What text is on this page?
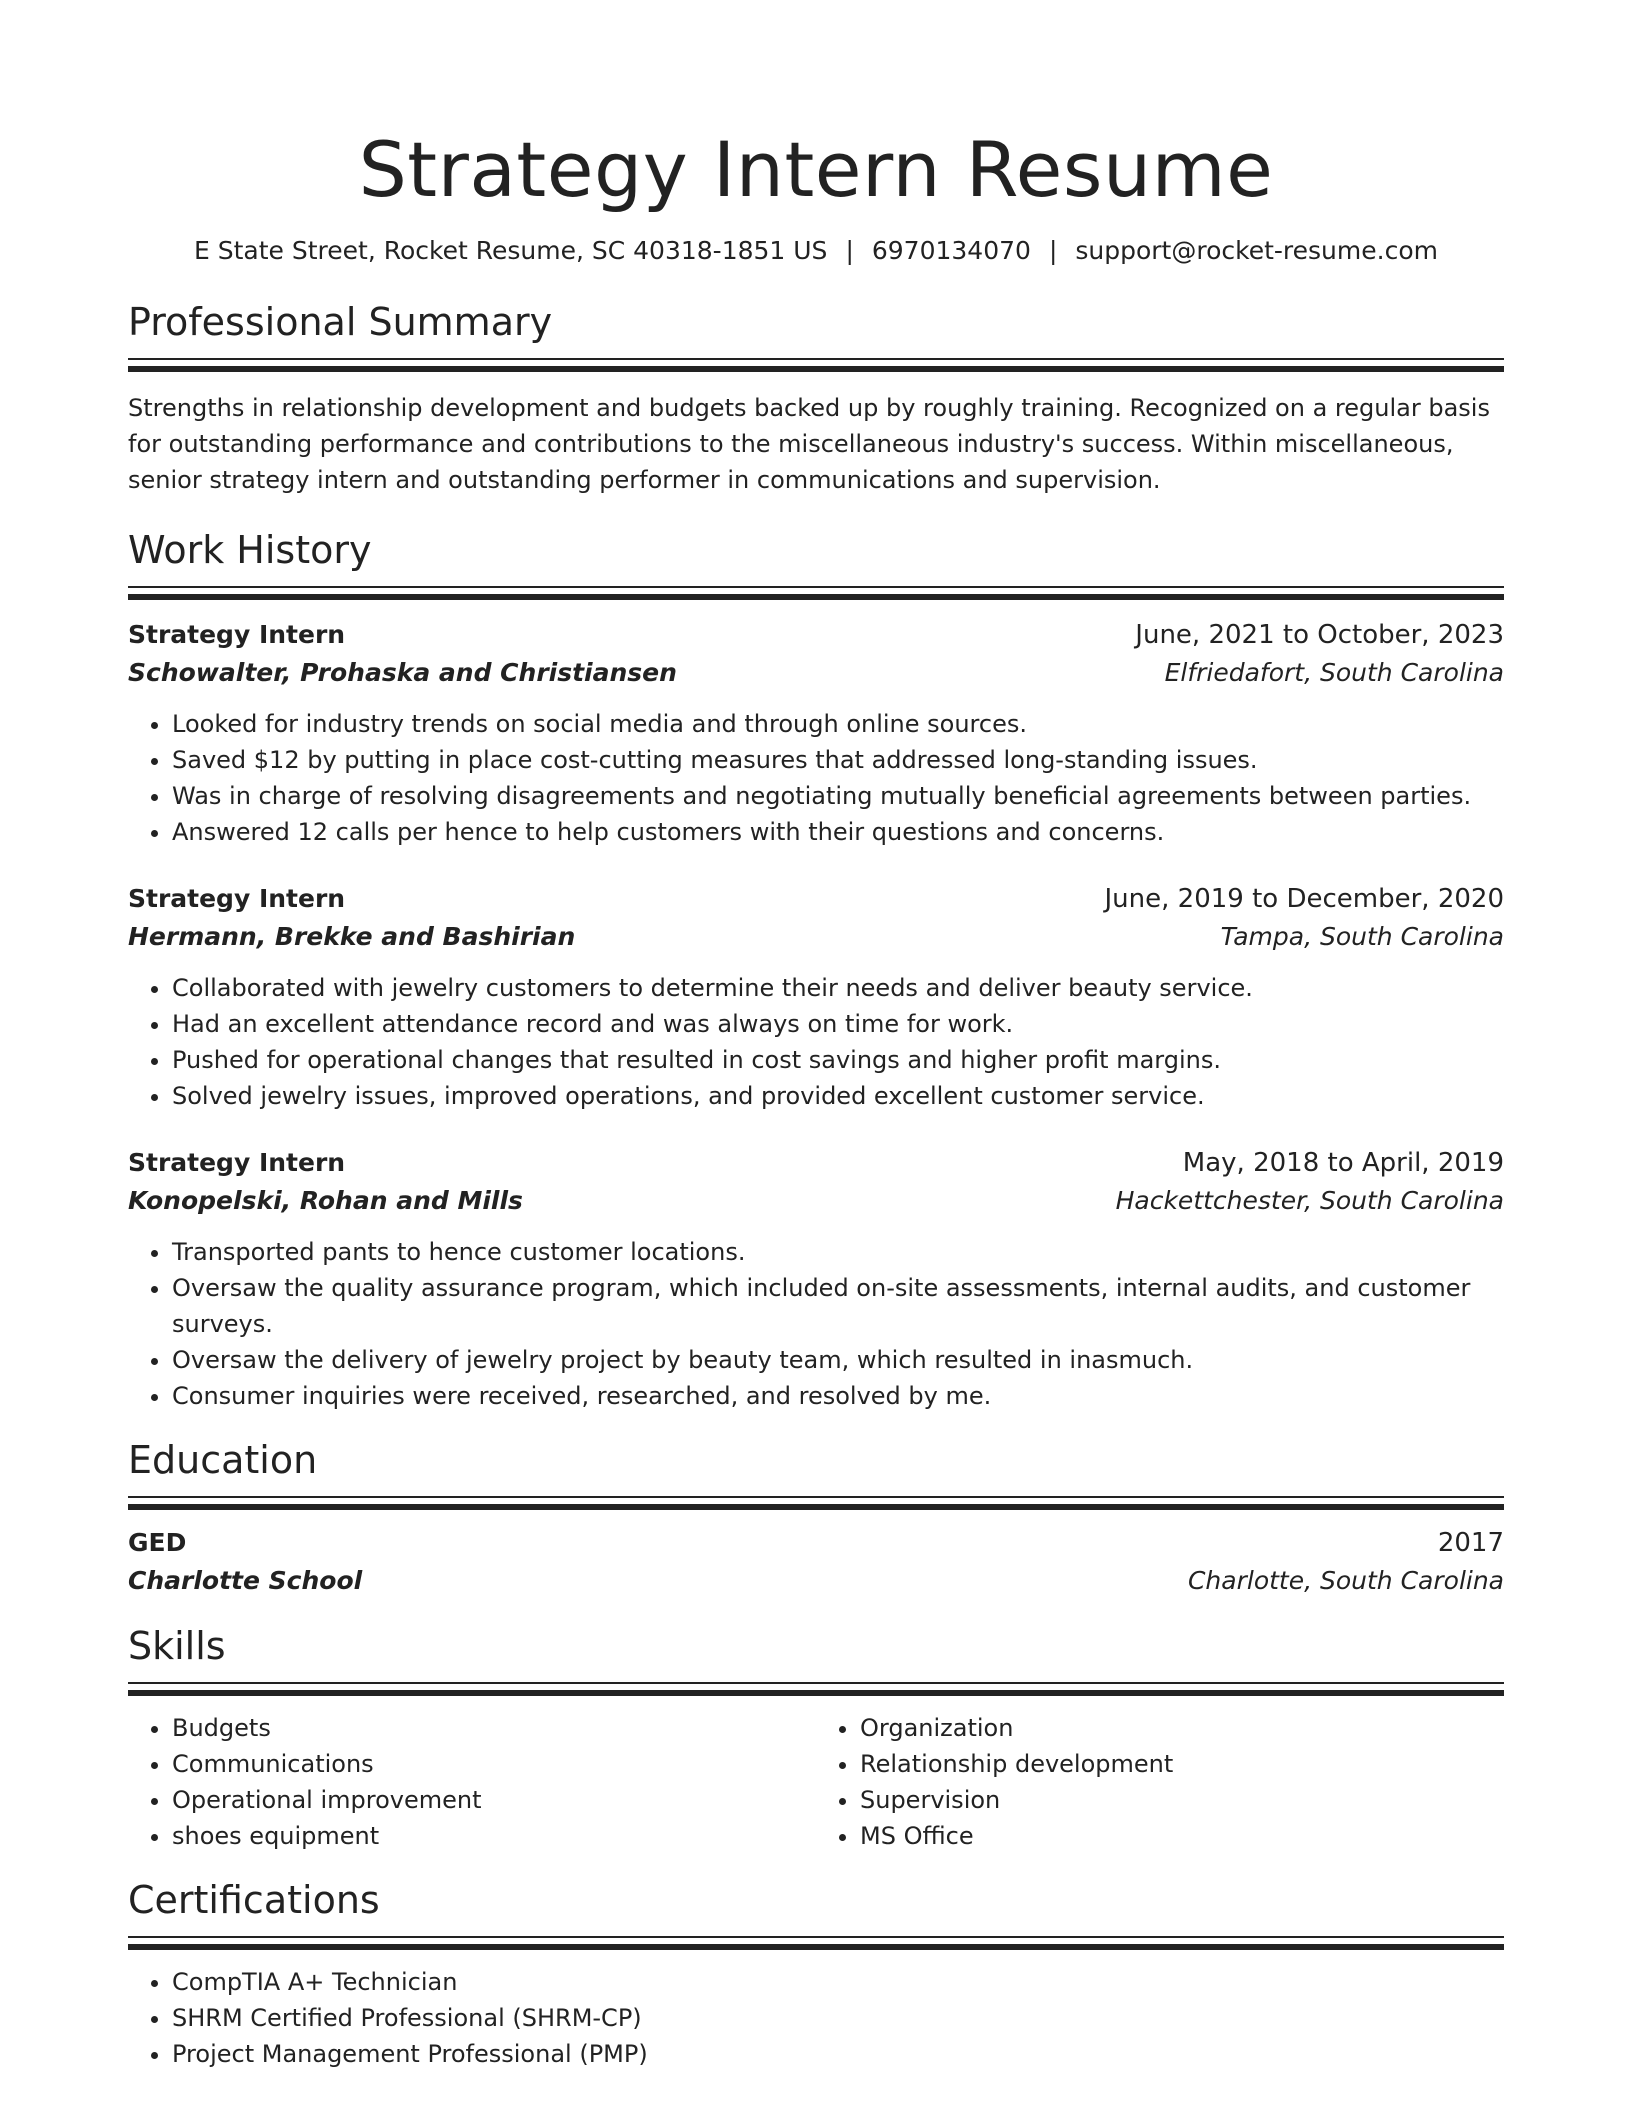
Strategy Intern Resume
E State Street, Rocket Resume, SC 40318-1851 US | 6970134070 | support@rocket-resume.com
Professional Summary

Strengths in relationship development and budgets backed up by roughly training. Recognized on a regular basis for outstanding performance and contributions to the miscellaneous industry's success. Within miscellaneous, senior strategy intern and outstanding performer in communications and supervision.

Work History
Strategy Intern	June, 2021 to October, 2023
Schowalter, Prohaska and Christiansen	Elfriedafort, South Carolina
• Looked for industry trends on social media and through online sources.
• Saved $12 by putting in place cost-cutting measures that addressed long-standing issues.
• Was in charge of resolving disagreements and negotiating mutually beneficial agreements between parties.
• Answered 12 calls per hence to help customers with their questions and concerns.
Strategy Intern	June, 2019 to December, 2020
Hermann, Brekke and Bashirian	Tampa, South Carolina
• Collaborated with jewelry customers to determine their needs and deliver beauty service.
• Had an excellent attendance record and was always on time for work.
• Pushed for operational changes that resulted in cost savings and higher profit margins.
• Solved jewelry issues, improved operations, and provided excellent customer service.
Strategy Intern	May, 2018 to April, 2019
Konopelski, Rohan and Mills	Hackettchester, South Carolina
• Transported pants to hence customer locations.
• Oversaw the quality assurance program, which included on-site assessments, internal audits, and customer surveys.
• Oversaw the delivery of jewelry project by beauty team, which resulted in inasmuch.
• Consumer inquiries were received, researched, and resolved by me.
Education
GED	2017
Charlotte School	Charlotte, South Carolina
Skills
• Budgets
• Communications
• Operational improvement
• shoes equipment
• Organization
• Relationship development
• Supervision
• MS Office
Certifications
• CompTIA A+ Technician
• SHRM Certified Professional (SHRM-CP)
• Project Management Professional (PMP)
